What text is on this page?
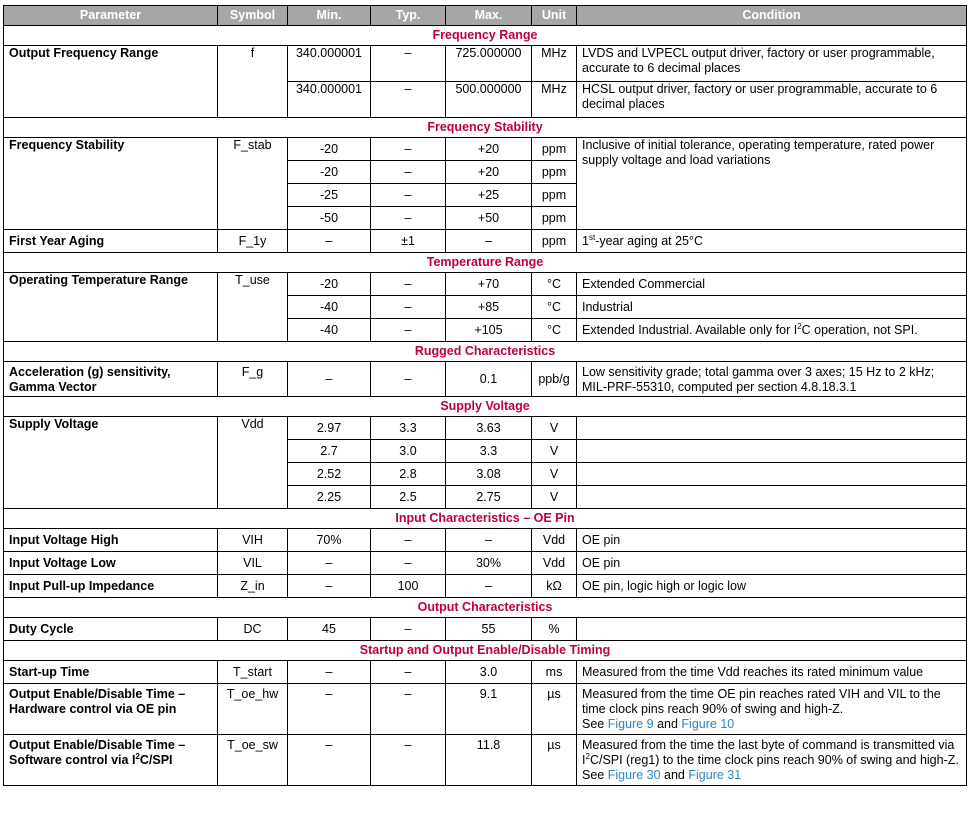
Parameter	Symbol	Min.	Typ.	Max.	Unit	Condition
Frequency Range						
Output Frequency Range	f	340.000001	–	725.000000	MHz	LVDS and LVPECL output driver, factory or user programmable, accurate to 6 decimal places
		340.000001	–	500.000000	MHz	HCSL output driver, factory or user programmable, accurate to 6 decimal places
Frequency Stability						
Frequency Stability	F_stab	-20	–	+20	ppm	Inclusive of initial tolerance, operating temperature, rated power supply voltage and load variations
		-20	–	+20	ppm	
		-25	–	+25	ppm	
		-50	–	+50	ppm	
First Year Aging	F_1y	–	±1	–	ppm	1st-year aging at 25°C
Temperature Range						
Operating Temperature Range	T_use	-20	–	+70	°C	Extended Commercial
		-40	–	+85	°C	Industrial
		-40	–	+105	°C	Extended Industrial. Available only for $I^2C$ operation, not SPI.
Rugged Characteristics						
Acceleration (g) sensitivity,
Gamma Vector	F_g	–	–	0.1	ppb/g	Low sensitivity grade; total gamma over 3 axes; 15 Hz to 2 kHz; MIL-PRF-55310, computed per section 4.8.18.3.1
Supply Voltage						
Supply Voltage	Vdd	2.97	3.3	3.63	V	
		2.7	3.0	3.3	V	
		2.52	2.8	3.08	V	
		2.25	2.5	2.75	V	
Input Characteristics – OE Pin						
Input Voltage High	VIH	70%	–	–	Vdd	OE pin
Input Voltage Low	VIL	–	–	30%	Vdd	OE pin
Input Pull-up Impedance	Z_in	–	100	–	kΩ	OE pin, logic high or logic low
Output Characteristics						
Duty Cycle	DC	45	–	55	%	
Startup and Output Enable/Disable Timing						
Start-up Time	T_start	–	–	3.0	ms	Measured from the time Vdd reaches its rated minimum value
Output Enable/Disable Time –
Hardware control via OE pin	T_oe_hw	–	–	9.1	µs	Measured from the time OE pin reaches rated VIH and VIL to the time clock pins reach 90% of swing and high-Z.
See Figure 9 and Figure 10
Output Enable/Disable Time –
Software control via $I^2C$/SPI	T_oe_sw	–	–	11.8	µs	Measured from the time the last byte of command is transmitted via $I^2C$/SPI (reg1) to the time clock pins reach 90% of swing and high-Z. See Figure 30 and Figure 31
